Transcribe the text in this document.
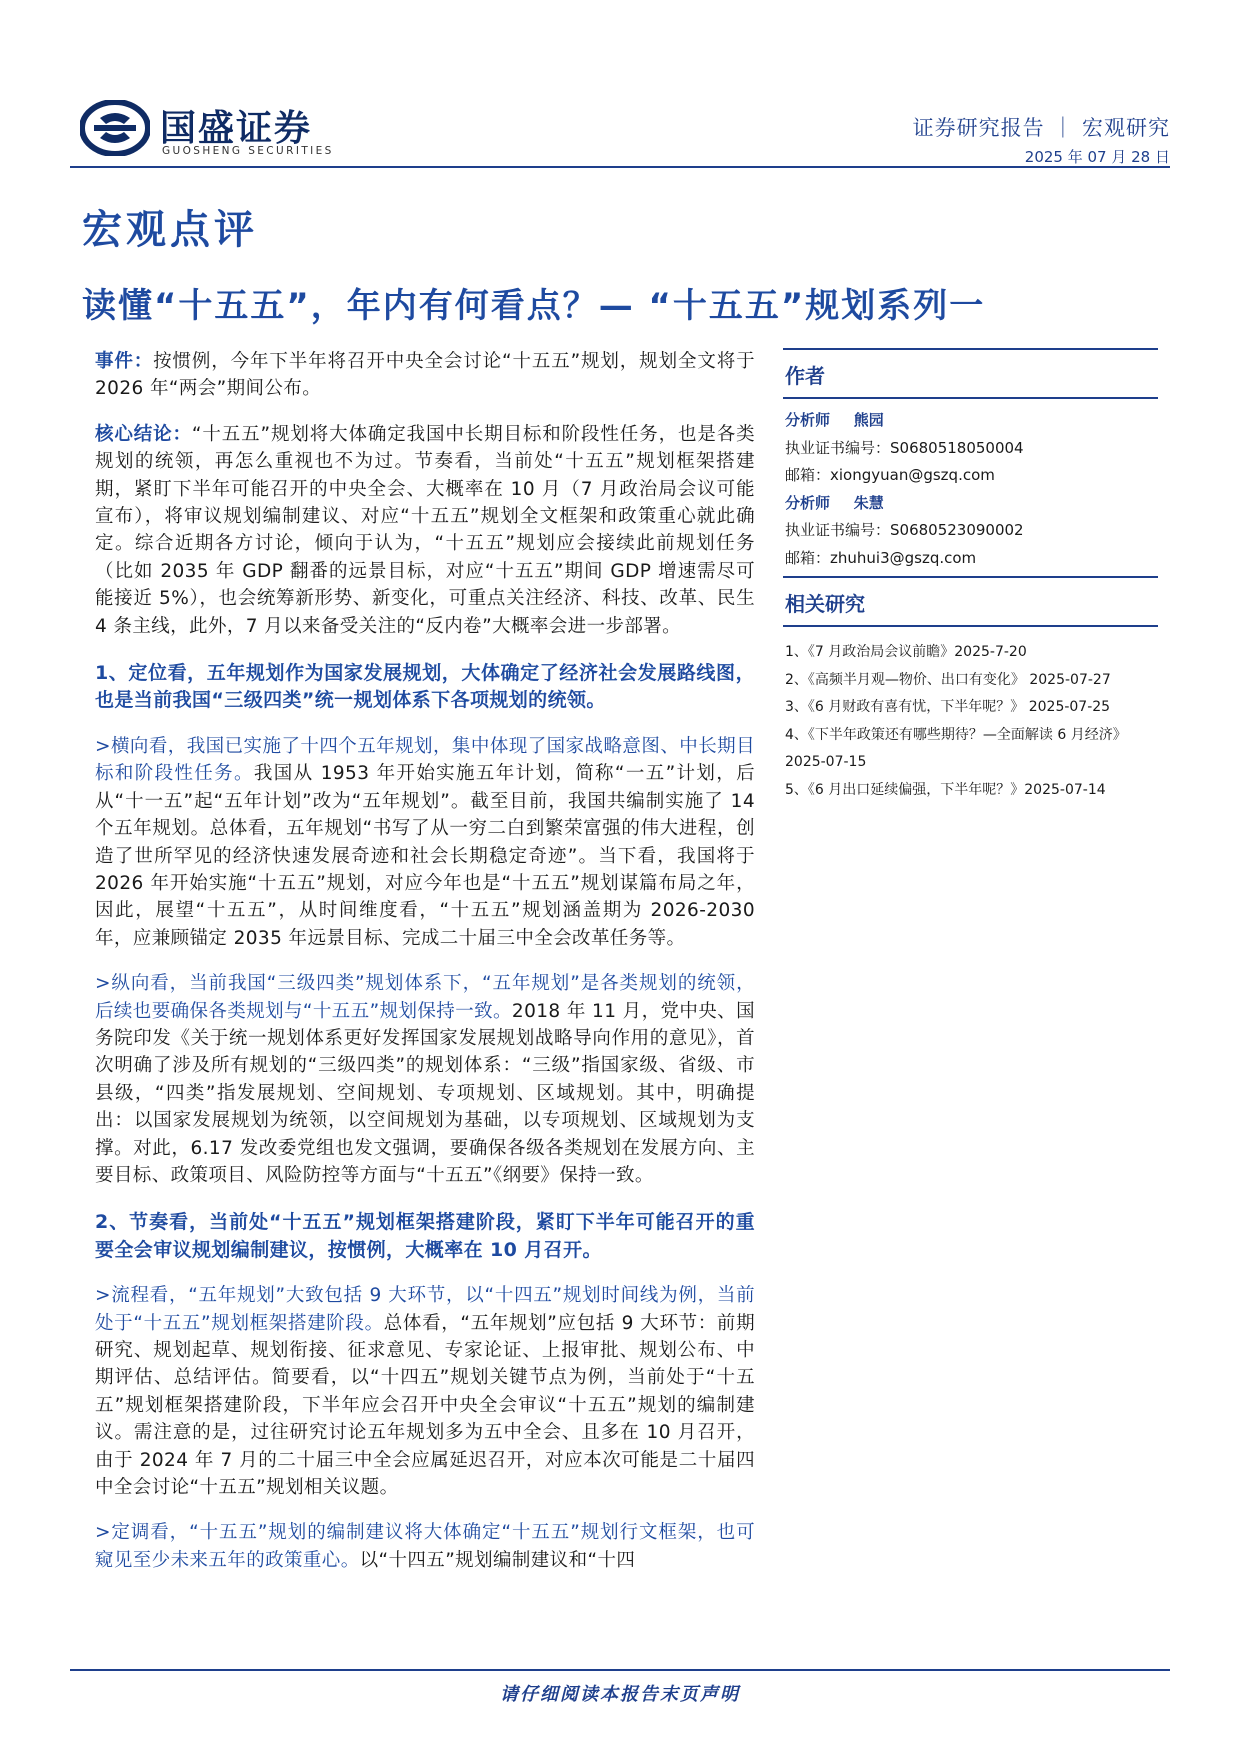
国盛证券
GUOSHENG SECURITIES
证券研究报告 ｜ 宏观研究
2025 年 07 月 28 日
宏观点评
读懂“十五五”，年内有何看点？— “十五五”规划系列一

事件：按惯例，今年下半年将召开中央全会讨论“十五五”规划，规划全文将于 2026 年“两会”期间公布。

核心结论：“十五五”规划将大体确定我国中长期目标和阶段性任务，也是各类规划的统领，再怎么重视也不为过。节奏看，当前处“十五五”规划框架搭建期，紧盯下半年可能召开的中央全会、大概率在 10 月（7 月政治局会议可能宣布），将审议规划编制建议、对应“十五五”规划全文框架和政策重心就此确定。综合近期各方讨论，倾向于认为，“十五五”规划应会接续此前规划任务（比如 2035 年 GDP 翻番的远景目标，对应“十五五”期间 GDP 增速需尽可能接近 5%），也会统筹新形势、新变化，可重点关注经济、科技、改革、民生 4 条主线，此外，7 月以来备受关注的“反内卷”大概率会进一步部署。

1、定位看，五年规划作为国家发展规划，大体确定了经济社会发展路线图，也是当前我国“三级四类”统一规划体系下各项规划的统领。

>横向看，我国已实施了十四个五年规划，集中体现了国家战略意图、中长期目标和阶段性任务。我国从 1953 年开始实施五年计划，简称“一五”计划，后从“十一五”起“五年计划”改为“五年规划”。截至目前，我国共编制实施了 14 个五年规划。总体看，五年规划“书写了从一穷二白到繁荣富强的伟大进程，创造了世所罕见的经济快速发展奇迹和社会长期稳定奇迹”。当下看，我国将于 2026 年开始实施“十五五”规划，对应今年也是“十五五”规划谋篇布局之年，因此，展望“十五五”，从时间维度看，“十五五”规划涵盖期为 2026-2030 年，应兼顾锚定 2035 年远景目标、完成二十届三中全会改革任务等。

>纵向看，当前我国“三级四类”规划体系下，“五年规划”是各类规划的统领，后续也要确保各类规划与“十五五”规划保持一致。2018 年 11 月，党中央、国务院印发《关于统一规划体系更好发挥国家发展规划战略导向作用的意见》，首次明确了涉及所有规划的“三级四类”的规划体系：“三级”指国家级、省级、市县级，“四类”指发展规划、空间规划、专项规划、区域规划。其中，明确提出：以国家发展规划为统领，以空间规划为基础，以专项规划、区域规划为支撑。对此，6.17 发改委党组也发文强调，要确保各级各类规划在发展方向、主要目标、政策项目、风险防控等方面与“十五五”《纲要》保持一致。

2、节奏看，当前处“十五五”规划框架搭建阶段，紧盯下半年可能召开的重要全会审议规划编制建议，按惯例，大概率在 10 月召开。

>流程看，“五年规划”大致包括 9 大环节，以“十四五”规划时间线为例，当前处于“十五五”规划框架搭建阶段。总体看，“五年规划”应包括 9 大环节：前期研究、规划起草、规划衔接、征求意见、专家论证、上报审批、规划公布、中期评估、总结评估。简要看，以“十四五”规划关键节点为例，当前处于“十五五”规划框架搭建阶段，下半年应会召开中央全会审议“十五五”规划的编制建议。需注意的是，过往研究讨论五年规划多为五中全会、且多在 10 月召开，由于 2024 年 7 月的二十届三中全会应属延迟召开，对应本次可能是二十届四中全会讨论“十五五”规划相关议题。

>定调看，“十五五”规划的编制建议将大体确定“十五五”规划行文框架，也可窥见至少未来五年的政策重心。以“十四五”规划编制建议和“十四

作者
分析师 熊园
执业证书编号：S0680518050004
邮箱：xiongyuan@gszq.com
分析师 朱慧
执业证书编号：S0680523090002
邮箱：zhuhui3@gszq.com
相关研究
1、《7 月政治局会议前瞻》2025-7-20
2、《高频半月观—物价、出口有变化》 2025-07-27
3、《6 月财政有喜有忧，下半年呢？》 2025-07-25
4、《下半年政策还有哪些期待？—全面解读 6 月经济》
2025-07-15
5、《6 月出口延续偏强，下半年呢？》2025-07-14
请仔细阅读本报告末页声明
